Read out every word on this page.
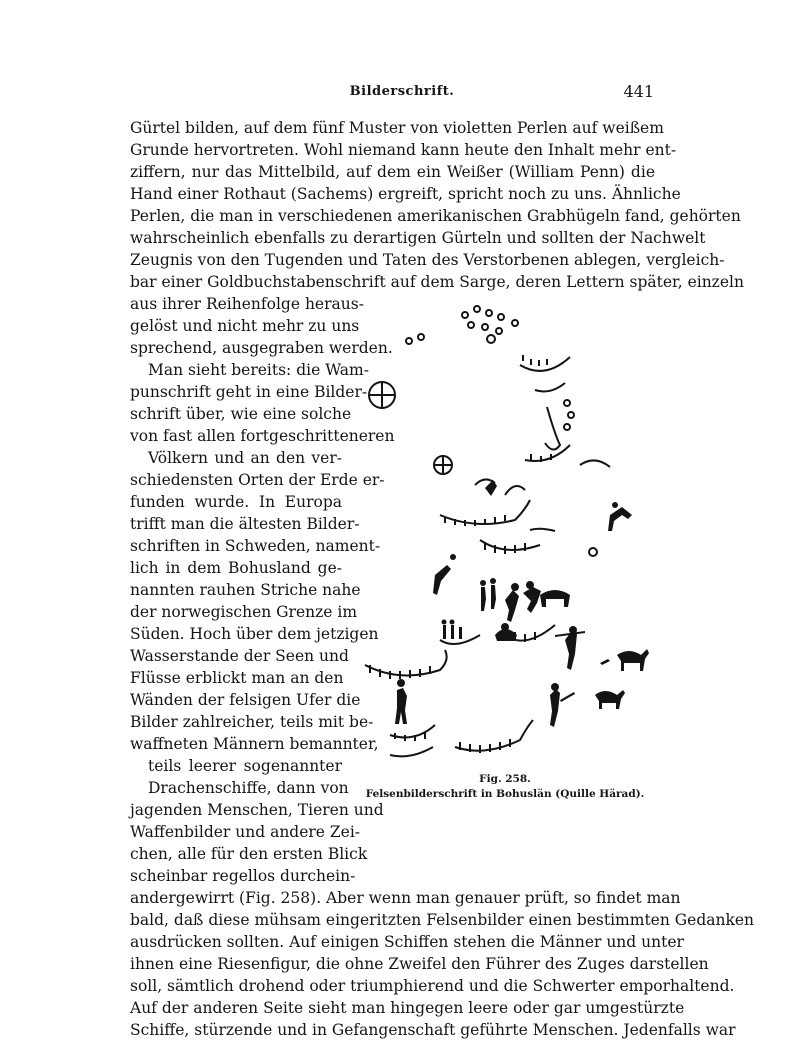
Bilderschrift.	441
Gürtel bilden, auf dem fünf Muster von violetten Perlen auf weißem
Grunde hervortreten. Wohl niemand kann heute den Inhalt mehr ent-
ziffern, nur das Mittelbild, auf dem ein Weißer (William Penn) die
Hand einer Rothaut (Sachems) ergreift, spricht noch zu uns. Ähnliche
Perlen, die man in verschiedenen amerikanischen Grabhügeln fand, gehörten
wahrscheinlich ebenfalls zu derartigen Gürteln und sollten der Nachwelt
Zeugnis von den Tugenden und Taten des Verstorbenen ablegen, vergleich-
bar einer Goldbuchstabenschrift auf dem Sarge, deren Lettern später, einzeln
aus ihrer Reihenfolge heraus-
gelöst und nicht mehr zu uns
sprechend, ausgegraben werden.
Man sieht bereits: die Wam-
punschrift geht in eine Bilder-
schrift über, wie eine solche
von fast allen fortgeschritteneren
Völkern und an den ver-
schiedensten Orten der Erde er-
funden wurde. In Europa
trifft man die ältesten Bilder-
schriften in Schweden, nament-
lich in dem Bohusland ge-
nannten rauhen Striche nahe
der norwegischen Grenze im
Süden. Hoch über dem jetzigen
Wasserstande der Seen und
Flüsse erblickt man an den
Wänden der felsigen Ufer die
Bilder zahlreicher, teils mit be-
waffneten Männern bemannter,
teils leerer sogenannter
Drachenschiffe, dann von
jagenden Menschen, Tieren und
Waffenbilder und andere Zei-
chen, alle für den ersten Blick
scheinbar regellos durchein-
andergewirrt (Fig. 258). Aber wenn man genauer prüft, so findet man
bald, daß diese mühsam eingeritzten Felsenbilder einen bestimmten Gedanken
ausdrücken sollten. Auf einigen Schiffen stehen die Männer und unter
ihnen eine Riesenfigur, die ohne Zweifel den Führer des Zuges darstellen
soll, sämtlich drohend oder triumphierend und die Schwerter emporhaltend.
Auf der anderen Seite sieht man hingegen leere oder gar umgestürzte
Schiffe, stürzende und in Gefangenschaft geführte Menschen. Jedenfalls war
Fig. 258.
Felsenbilderschrift in Bohuslän (Quille Härad).
